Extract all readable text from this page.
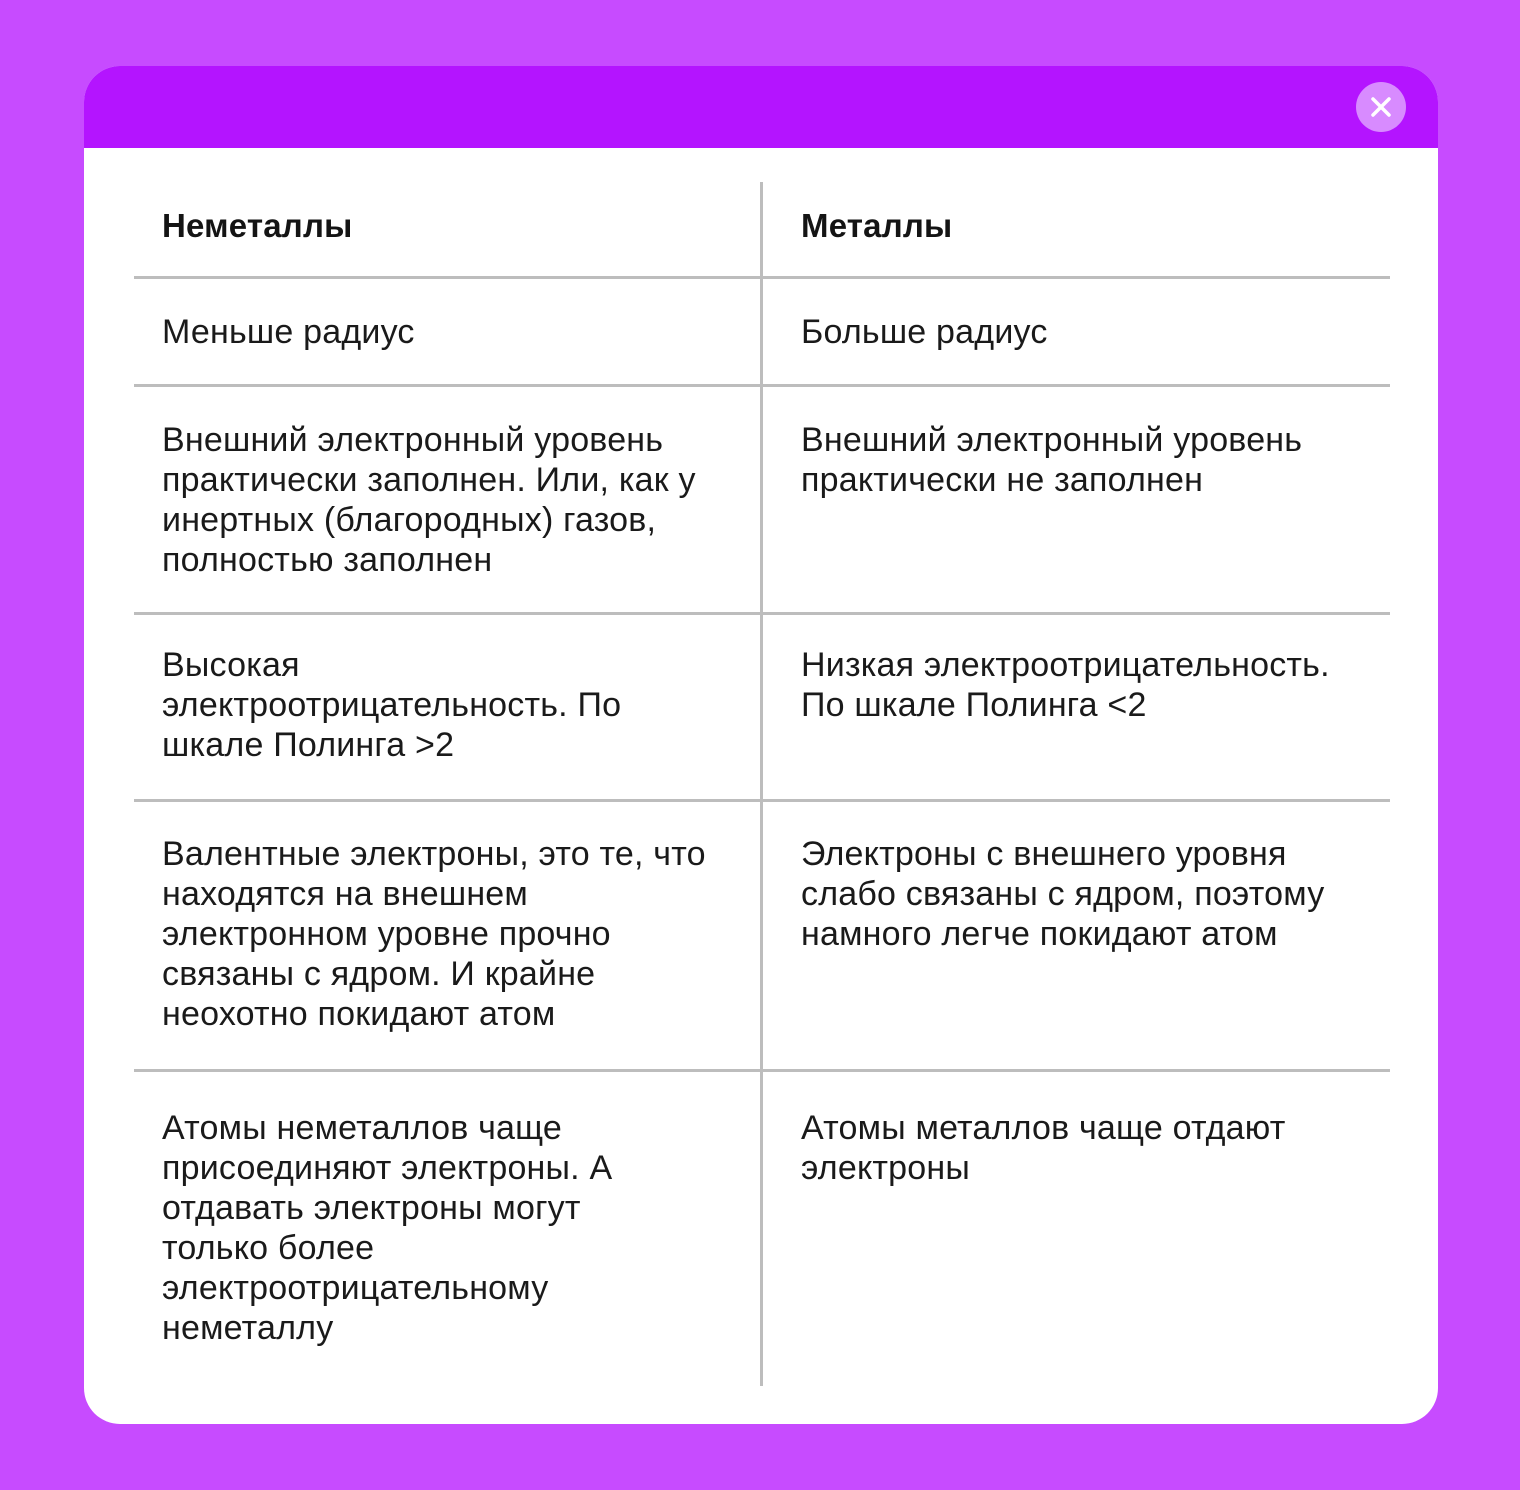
Неметаллы	Металлы
Меньше радиус	Больше радиус
Внешний электронный уровень практически заполнен. Или, как у инертных (благородных) газов, полностью заполнен
Внешний электронный уровень практически не заполнен
Высокая электроотрицательность. По шкале Полинга >2
Низкая электроотрицательность. По шкале Полинга <2
Валентные электроны, это те, что находятся на внешнем электронном уровне прочно связаны с ядром. И крайне неохотно покидают атом
Электроны с внешнего уровня слабо связаны с ядром, поэтому намного легче покидают атом
Атомы неметаллов чаще присоединяют электроны. А отдавать электроны могут только более электроотрицательному неметаллу
Атомы металлов чаще отдают электроны
